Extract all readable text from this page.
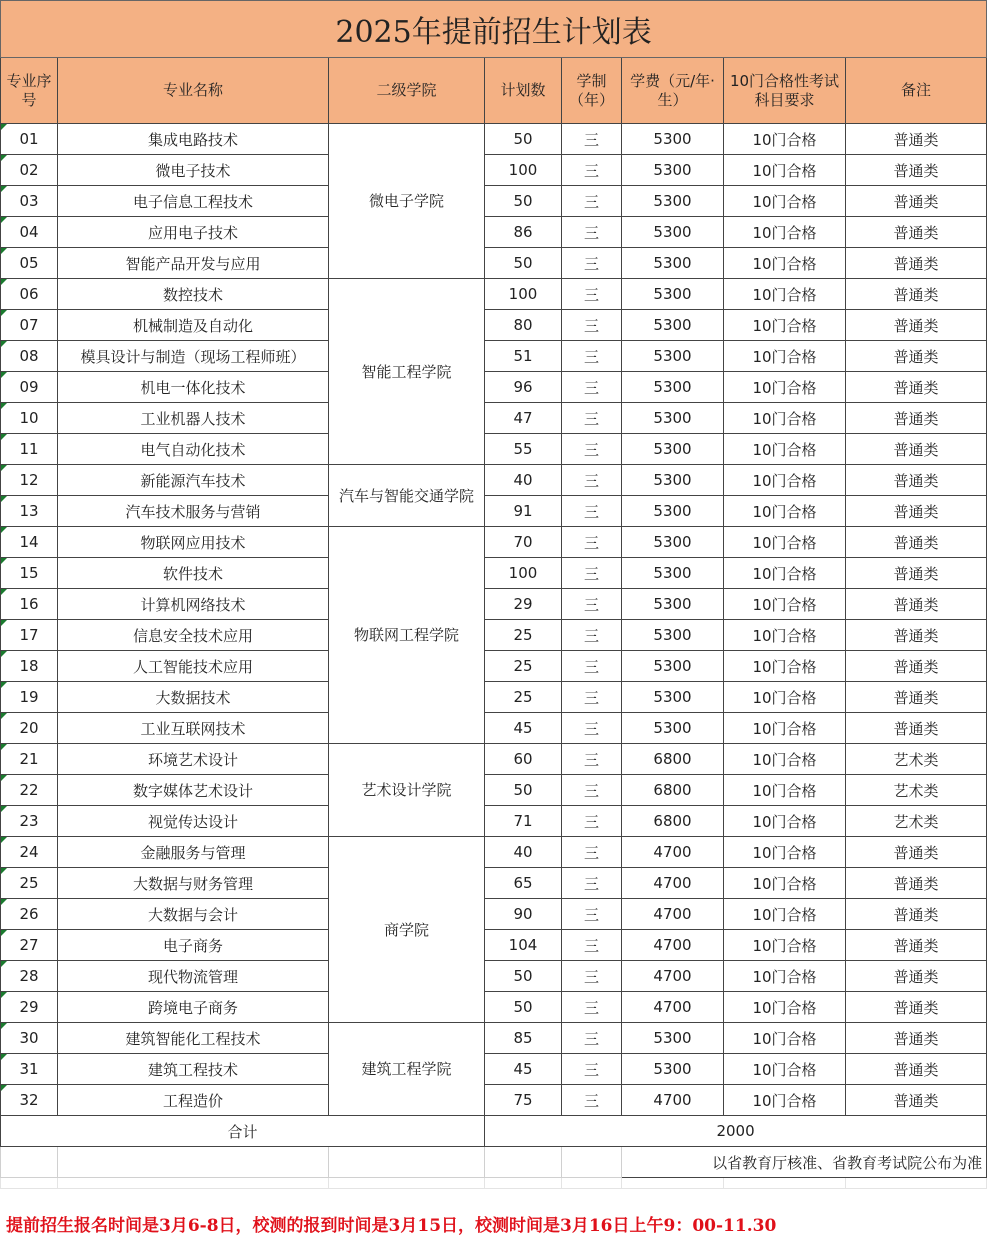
2025年提前招生计划表							
专业序号	专业名称	二级学院	计划数	学制（年）	学费（元/年·生）	10门合格性考试科目要求	备注
01	集成电路技术	微电子学院	50	三	5300	10门合格	普通类
02	微电子技术		100	三	5300	10门合格	普通类
03	电子信息工程技术		50	三	5300	10门合格	普通类
04	应用电子技术		86	三	5300	10门合格	普通类
05	智能产品开发与应用		50	三	5300	10门合格	普通类
06	数控技术	智能工程学院	100	三	5300	10门合格	普通类
07	机械制造及自动化		80	三	5300	10门合格	普通类
08	模具设计与制造（现场工程师班）		51	三	5300	10门合格	普通类
09	机电一体化技术		96	三	5300	10门合格	普通类
10	工业机器人技术		47	三	5300	10门合格	普通类
11	电气自动化技术		55	三	5300	10门合格	普通类
12	新能源汽车技术	汽车与智能交通学院	40	三	5300	10门合格	普通类
13	汽车技术服务与营销		91	三	5300	10门合格	普通类
14	物联网应用技术	物联网工程学院	70	三	5300	10门合格	普通类
15	软件技术		100	三	5300	10门合格	普通类
16	计算机网络技术		29	三	5300	10门合格	普通类
17	信息安全技术应用		25	三	5300	10门合格	普通类
18	人工智能技术应用		25	三	5300	10门合格	普通类
19	大数据技术		25	三	5300	10门合格	普通类
20	工业互联网技术		45	三	5300	10门合格	普通类
21	环境艺术设计	艺术设计学院	60	三	6800	10门合格	艺术类
22	数字媒体艺术设计		50	三	6800	10门合格	艺术类
23	视觉传达设计		71	三	6800	10门合格	艺术类
24	金融服务与管理	商学院	40	三	4700	10门合格	普通类
25	大数据与财务管理		65	三	4700	10门合格	普通类
26	大数据与会计		90	三	4700	10门合格	普通类
27	电子商务		104	三	4700	10门合格	普通类
28	现代物流管理		50	三	4700	10门合格	普通类
29	跨境电子商务		50	三	4700	10门合格	普通类
30	建筑智能化工程技术	建筑工程学院	85	三	5300	10门合格	普通类
31	建筑工程技术		45	三	5300	10门合格	普通类
32	工程造价		75	三	4700	10门合格	普通类
合计			2000				
					以省教育厅核准、省教育考试院公布为准		

提前招生报名时间是3月6-8日，校测的报到时间是3月15日，校测时间是3月16日上午9：00-11.30
